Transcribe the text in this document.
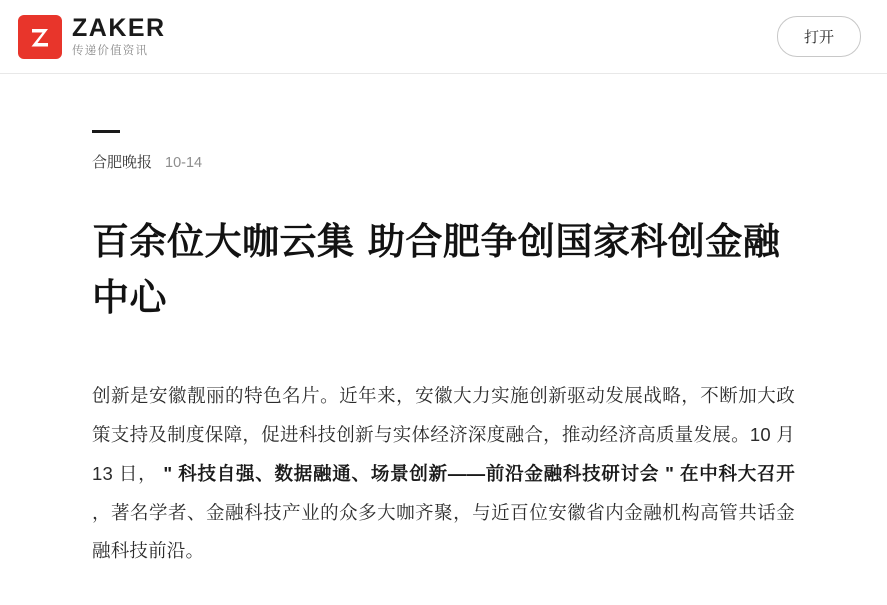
ZAKER
传递价值资讯
打开
合肥晚报 10-14
百余位大咖云集 助合肥争创国家科创金融中心

创新是安徽靓丽的特色名片。近年来，安徽大力实施创新驱动发展战略，不断加大政策支持及制度保障，促进科技创新与实体经济深度融合，推动经济高质量发展。10 月 13 日， " 科技自强、数据融通、场景创新——前沿金融科技研讨会 " 在中科大召开 ，著名学者、金融科技产业的众多大咖齐聚，与近百位安徽省内金融机构高管共话金融科技前沿。
